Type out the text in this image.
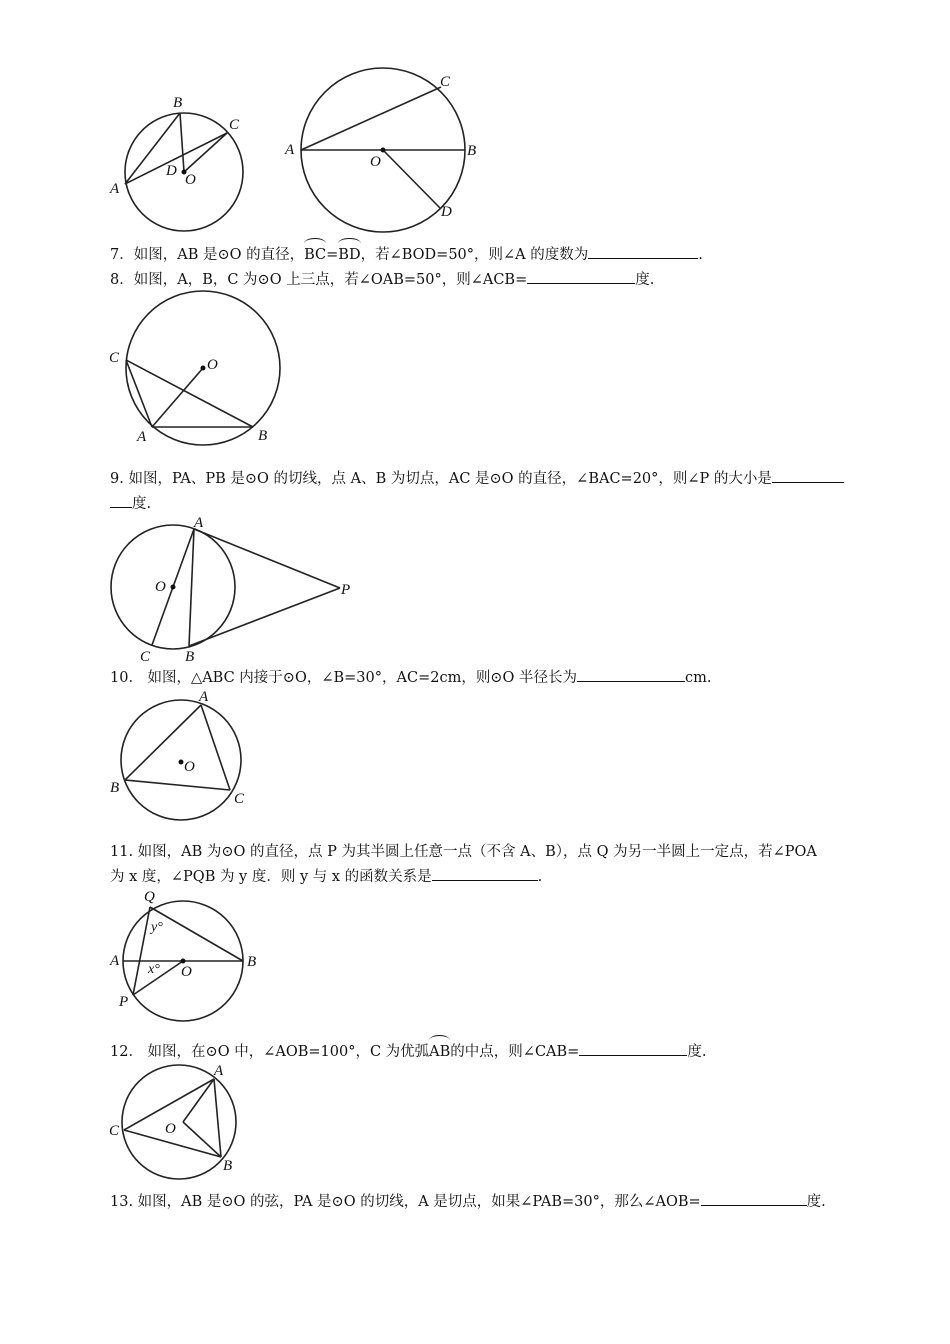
B
C
A
D
O
A	B
C
D
O
7．如图，AB 是⊙O 的直径，BC=BD，若∠BOD=50°，则∠A 的度数为	.
8．如图，A，B，C 为⊙O 上三点，若∠OAB=50°，则∠ACB=	度.
C	O
A	B
9. 如图，PA、PB 是⊙O 的切线，点 A、B 为切点，AC 是⊙O 的直径，∠BAC=20°，则∠P 的大小是
度.
A
O	P
C B
10． 如图，△ABC 内接于⊙O，∠B=30°，AC=2cm，则⊙O 半径长为	cm.
A
O
B
C
11. 如图，AB 为⊙O 的直径，点 P 为其半圆上任意一点（不含 A、B），点 Q 为另一半圆上一定点，若∠POA
为 x 度，∠PQB 为 y 度．则 y 与 x 的函数关系是	.
Q
y°
A
x° O
B
P
12． 如图，在⊙O 中，∠AOB=100°，C 为优弧AB的中点，则∠CAB=	度.
A
C	O
B
13. 如图，AB 是⊙O 的弦，PA 是⊙O 的切线，A 是切点，如果∠PAB=30°，那么∠AOB=	度.
